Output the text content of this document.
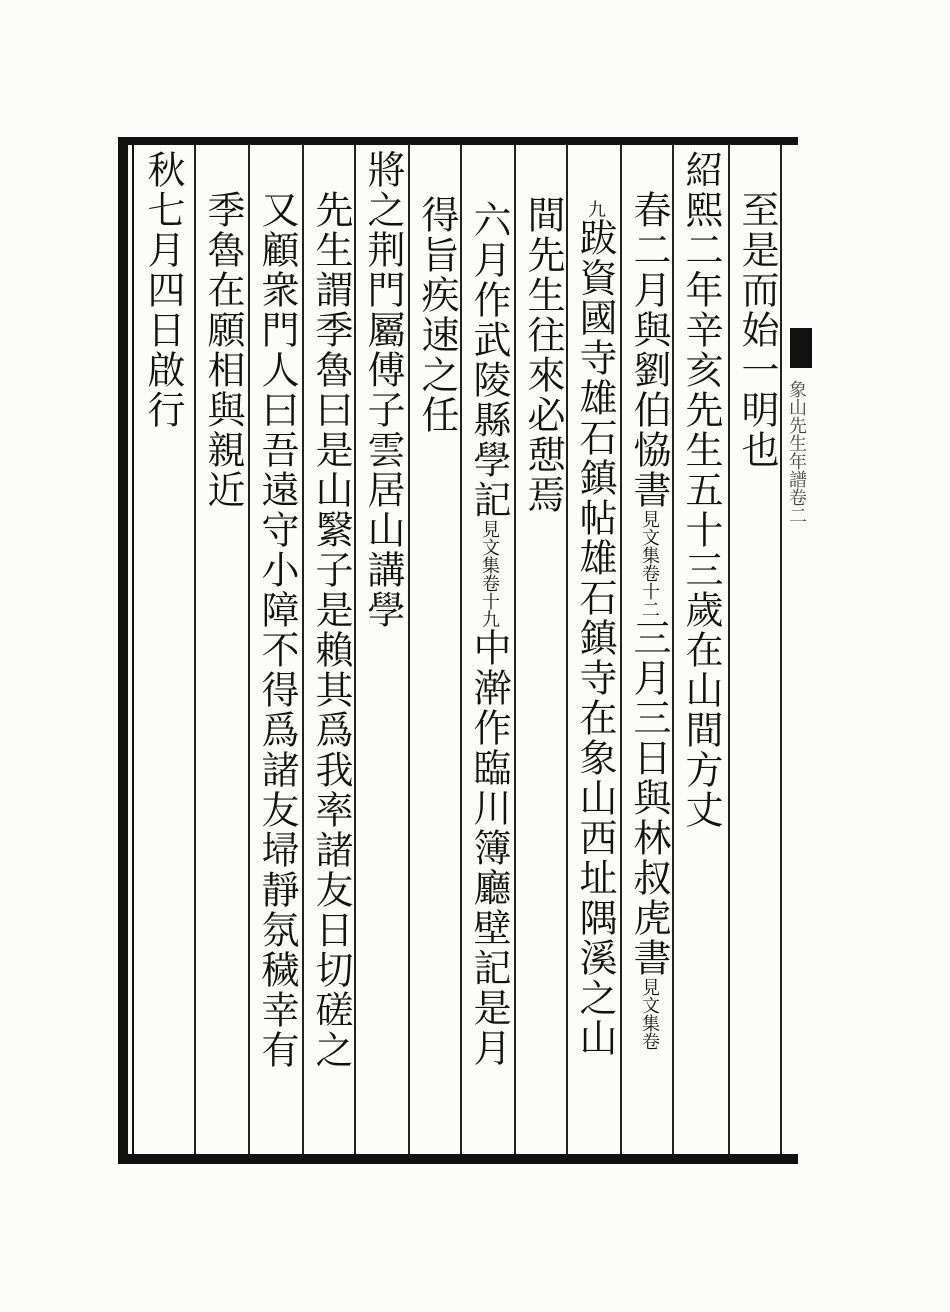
至是而始一明也
紹熙二年辛亥先生五十三歲在山間方丈
春二月與劉伯恊書見文集卷十二三月三日與林叔虎書見文集卷
九跋資國寺雄石鎮帖雄石鎮寺在象山西址隅溪之山
間先生往來必憇焉
六月作武陵縣學記見文集卷十九中澣作臨川簿廳壁記是月
得旨疾速之任
將之荆門屬傅子雲居山講學
先生謂季魯曰是山繄子是賴其爲我率諸友日切磋之
又顧衆門人曰吾遠守小障不得爲諸友埽靜氛穢幸有
季魯在願相與親近
秋七月四日啟行
象山先生年譜卷二
